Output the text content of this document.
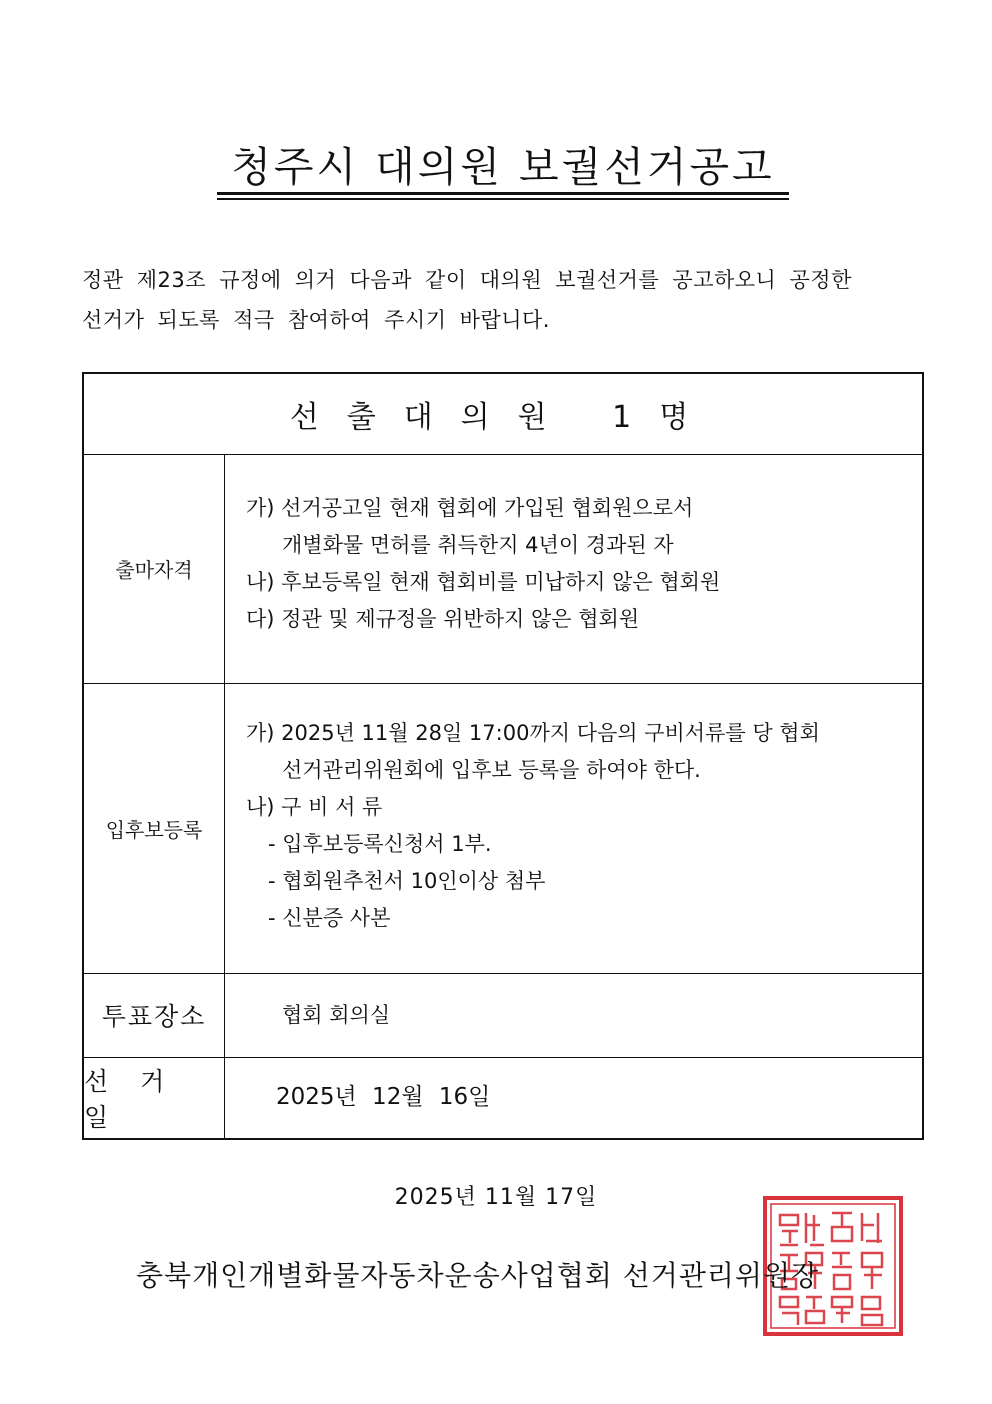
청주시 대의원 보궐선거공고
정관 제23조 규정에 의거 다음과 같이 대의원 보궐선거를 공고하오니 공정한
선거가 되도록 적극 참여하여 주시기 바랍니다.
선출대의원 1명
출마자격
가) 선거공고일 현재 협회에 가입된 협회원으로서
개별화물 면허를 취득한지 4년이 경과된 자
나) 후보등록일 현재 협회비를 미납하지 않은 협회원
다) 정관 및 제규정을 위반하지 않은 협회원
입후보등록
가) 2025년 11월 28일 17:00까지 다음의 구비서류를 당 협회
선거관리위원회에 입후보 등록을 하여야 한다.
나) 구 비 서 류
- 입후보등록신청서 1부.
- 협회원추천서 10인이상 첨부
- 신분증 사본
투표장소	협회 회의실
선 거 일
2025년 12월 16일
2025년 11월 17일
충북개인개별화물자동차운송사업협회 선거관리위원장
